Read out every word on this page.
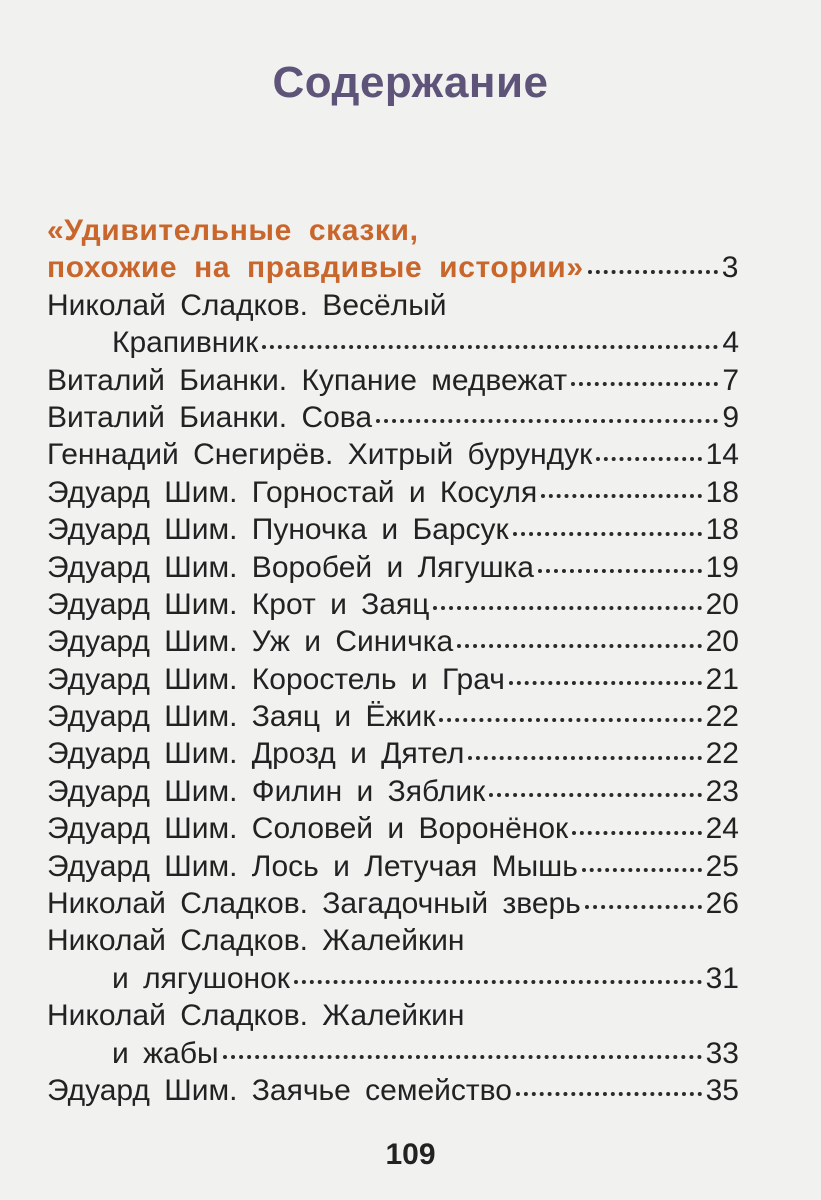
Содержание
«Удивительные сказки,
похожие на правдивые истории»	3
Николай Сладков. Весёлый
Крапивник	4
Виталий Бианки. Купание медвежат	7
Виталий Бианки. Сова	9
Геннадий Снегирёв. Хитрый бурундук	14
Эдуард Шим. Горностай и Косуля	18
Эдуард Шим. Пуночка и Барсук	18
Эдуард Шим. Воробей и Лягушка	19
Эдуард Шим. Крот и Заяц	20
Эдуард Шим. Уж и Синичка	20
Эдуард Шим. Коростель и Грач	21
Эдуард Шим. Заяц и Ёжик	22
Эдуард Шим. Дрозд и Дятел	22
Эдуард Шим. Филин и Зяблик	23
Эдуард Шим. Соловей и Воронёнок	24
Эдуард Шим. Лось и Летучая Мышь	25
Николай Сладков. Загадочный зверь	26
Николай Сладков. Жалейкин
и лягушонок	31
Николай Сладков. Жалейкин
и жабы	33
Эдуард Шим. Заячье семейство	35
109
